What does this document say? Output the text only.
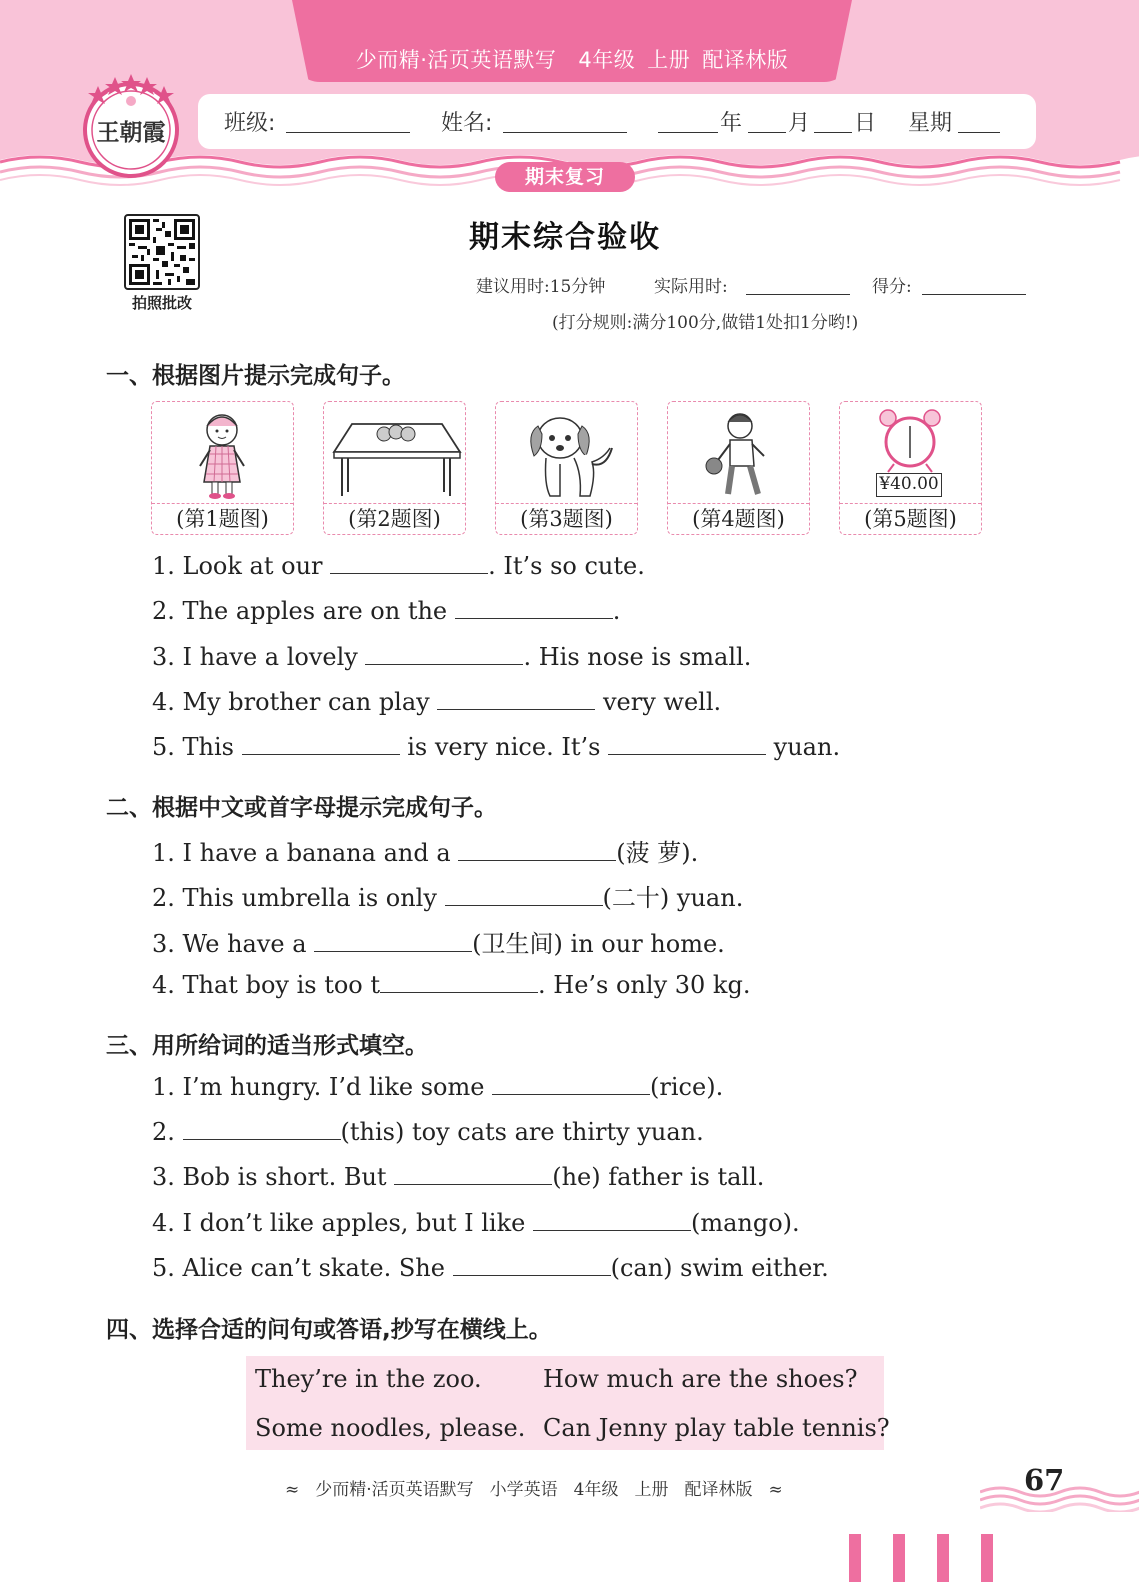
少而精·活页英语默写 4年级 上册 配译林版
王朝霞	班级:	姓名:	年 月 日 星期
期末复习
拍照批改
期末综合验收
建议用时:15分钟	实际用时:	得分:
(打分规则:满分100分,做错1处扣1分哟!)
一、根据图片提示完成句子。
(第1题图)	(第2题图)	(第3题图)	(第4题图)
¥40.00
(第5题图)
1. Look at our	. It’s so cute.
2. The apples are on the	.
3. I have a lovely	. His nose is small.
4. My brother can play	very well.
5. This	is very nice. It’s	yuan.
二、根据中文或首字母提示完成句子。
1. I have a banana and a	(菠 萝).
2. This umbrella is only	(二十) yuan.
3. We have a	(卫生间) in our home.
4. That boy is too t	. He’s only 30 kg.
三、用所给词的适当形式填空。
1. I’m hungry. I’d like some	(rice).
2.	(this) toy cats are thirty yuan.
3. Bob is short. But	(he) father is tall.
4. I don’t like apples, but I like	(mango).
5. Alice can’t skate. She	(can) swim either.
四、选择合适的问句或答语,抄写在横线上。
They’re in the zoo.	How much are the shoes?
Some noodles, please. Can Jenny play table tennis?
≈ 少而精·活页英语默写 小学英语 4年级 上册 配译林版 ≈	67
